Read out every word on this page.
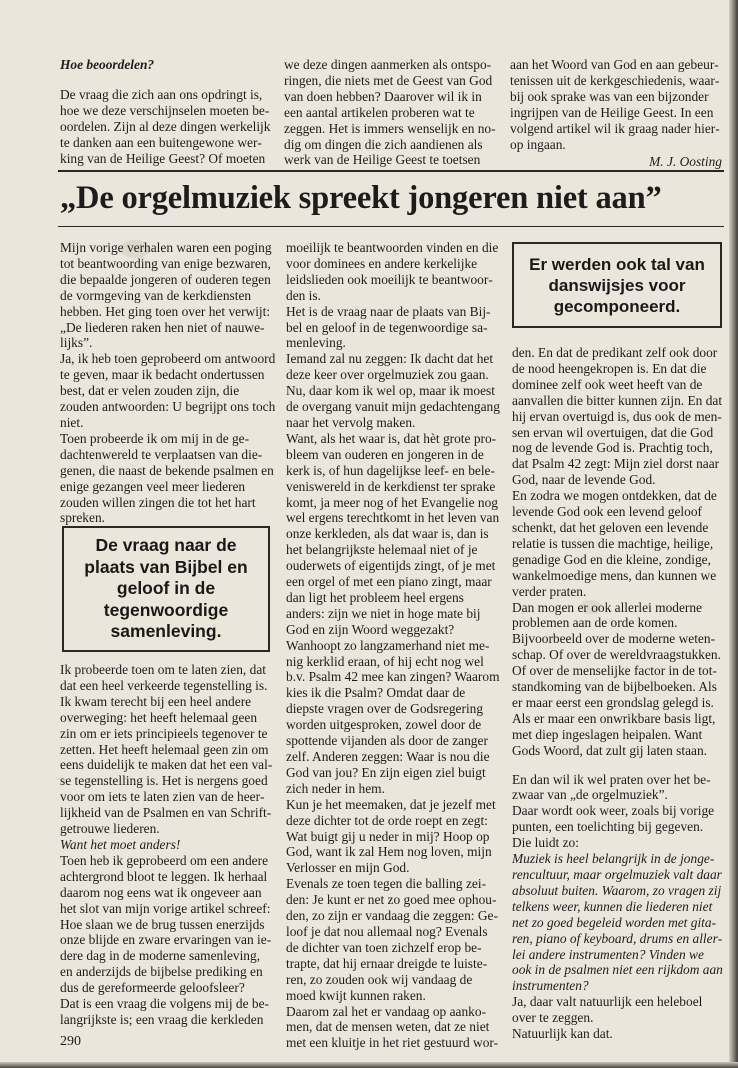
Hoe beoordelen?

De vraag die zich aan ons opdringt is, hoe we deze verschijnselen moeten beoordelen. Zijn al deze dingen werkelijk te danken aan een buitengewone werking van de Heilige Geest? Of moeten

we deze dingen aanmerken als ontsporingen, die niets met de Geest van God van doen hebben? Daarover wil ik in een aantal artikelen proberen wat te zeggen. Het is immers wenselijk en nodig om dingen die zich aandienen als werk van de Heilige Geest te toetsen

aan het Woord van God en aan gebeurtenissen uit de kerkgeschiedenis, waarbij ook sprake was van een bijzonder ingrijpen van de Heilige Geest. In een volgend artikel wil ik graag nader hierop ingaan.

M. J. Oosting

„De orgelmuziek spreekt jongeren niet aan”

Mijn vorige verhalen waren een poging tot beantwoording van enige bezwaren, die bepaalde jongeren of ouderen tegen de vormgeving van de kerkdiensten hebben. Het ging toen over het verwijt: „De liederen raken hen niet of nauwelijks”.

Ja, ik heb toen geprobeerd om antwoord te geven, maar ik bedacht ondertussen best, dat er velen zouden zijn, die zouden antwoorden: U begrijpt ons toch niet.

Toen probeerde ik om mij in de gedachtenwereld te verplaatsen van diegenen, die naast de bekende psalmen en enige gezangen veel meer liederen zouden willen zingen die tot het hart spreken.

De vraag naar de plaats van Bijbel en geloof in de tegenwoordige samenleving.

Ik probeerde toen om te laten zien, dat dat een heel verkeerde tegenstelling is. Ik kwam terecht bij een heel andere overweging: het heeft helemaal geen zin om er iets principieels tegenover te zetten. Het heeft helemaal geen zin om eens duidelijk te maken dat het een valse tegenstelling is. Het is nergens goed voor om iets te laten zien van de heerlijkheid van de Psalmen en van Schriftgetrouwe liederen.

Want het moet anders!

Toen heb ik geprobeerd om een andere achtergrond bloot te leggen. Ik herhaal daarom nog eens wat ik ongeveer aan het slot van mijn vorige artikel schreef: Hoe slaan we de brug tussen enerzijds onze blijde en zware ervaringen van iedere dag in de moderne samenleving, en anderzijds de bijbelse prediking en dus de gereformeerde geloofsleer?

Dat is een vraag die volgens mij de belangrijkste is; een vraag die kerkleden

moeilijk te beantwoorden vinden en die voor dominees en andere kerkelijke leidslieden ook moeilijk te beantwoorden is.

Het is de vraag naar de plaats van Bijbel en geloof in de tegenwoordige samenleving.

Iemand zal nu zeggen: Ik dacht dat het deze keer over orgelmuziek zou gaan. Nu, daar kom ik wel op, maar ik moest de overgang vanuit mijn gedachtengang naar het vervolg maken.

Want, als het waar is, dat hèt grote probleem van ouderen en jongeren in de kerk is, of hun dagelijkse leef- en beleveniswereld in de kerkdienst ter sprake komt, ja meer nog of het Evangelie nog wel ergens terechtkomt in het leven van onze kerkleden, als dat waar is, dan is het belangrijkste helemaal niet of je ouderwets of eigentijds zingt, of je met een orgel of met een piano zingt, maar dan ligt het probleem heel ergens anders: zijn we niet in hoge mate bij God en zijn Woord weggezakt?

Wanhoopt zo langzamerhand niet menig kerklid eraan, of hij echt nog wel b.v. Psalm 42 mee kan zingen? Waarom kies ik die Psalm? Omdat daar de diepste vragen over de Godsregering worden uitgesproken, zowel door de spottende vijanden als door de zanger zelf. Anderen zeggen: Waar is nou die God van jou? En zijn eigen ziel buigt zich neder in hem.

Kun je het meemaken, dat je jezelf met deze dichter tot de orde roept en zegt: Wat buigt gij u neder in mij? Hoop op God, want ik zal Hem nog loven, mijn Verlosser en mijn God.

Evenals ze toen tegen die balling zeiden: Je kunt er net zo goed mee ophouden, zo zijn er vandaag die zeggen: Geloof je dat nou allemaal nog? Evenals de dichter van toen zichzelf erop betrapte, dat hij ernaar dreigde te luisteren, zo zouden ook wij vandaag de moed kwijt kunnen raken.

Daarom zal het er vandaag op aankomen, dat de mensen weten, dat ze niet met een kluitje in het riet gestuurd wor-

Er werden ook tal van danswijsjes voor gecomponeerd.

den. En dat de predikant zelf ook door de nood heengekropen is. En dat die dominee zelf ook weet heeft van de aanvallen die bitter kunnen zijn. En dat hij ervan overtuigd is, dus ook de mensen ervan wil overtuigen, dat die God nog de levende God is. Prachtig toch, dat Psalm 42 zegt: Mijn ziel dorst naar God, naar de levende God.

En zodra we mogen ontdekken, dat de levende God ook een levend geloof schenkt, dat het geloven een levende relatie is tussen die machtige, heilige, genadige God en die kleine, zondige, wankelmoedige mens, dan kunnen we verder praten.

Dan mogen er ook allerlei moderne problemen aan de orde komen. Bijvoorbeeld over de moderne wetenschap. Of over de wereldvraagstukken. Of over de menselijke factor in de totstandkoming van de bijbelboeken. Als er maar eerst een grondslag gelegd is. Als er maar een onwrikbare basis ligt, met diep ingeslagen heipalen. Want Gods Woord, dat zult gij laten staan.

En dan wil ik wel praten over het bezwaar van „de orgelmuziek”.

Daar wordt ook weer, zoals bij vorige punten, een toelichting bij gegeven.

Die luidt zo:

Muziek is heel belangrijk in de jongerencultuur, maar orgelmuziek valt daar absoluut buiten. Waarom, zo vragen zij telkens weer, kunnen die liederen niet net zo goed begeleid worden met gitaren, piano of keyboard, drums en allerlei andere instrumenten? Vinden we ook in de psalmen niet een rijkdom aan instrumenten?

Ja, daar valt natuurlijk een heleboel over te zeggen.

Natuurlijk kan dat.

290
